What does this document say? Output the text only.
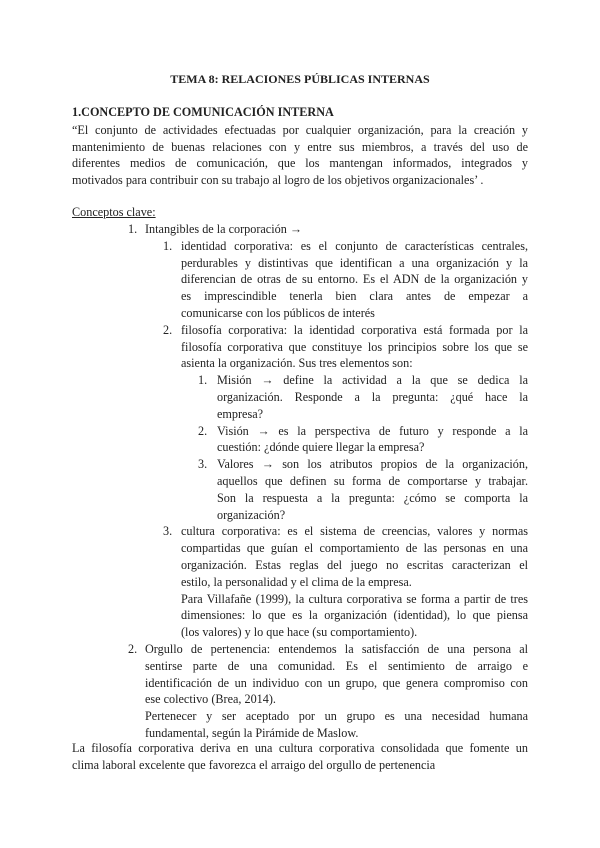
TEMA 8: RELACIONES PÚBLICAS INTERNAS
1.CONCEPTO DE COMUNICACIÓN INTERNA
“El conjunto de actividades efectuadas por cualquier organización, para la creación y
mantenimiento de buenas relaciones con y entre sus miembros, a través del uso de
diferentes medios de comunicación, que los mantengan informados, integrados y
motivados para contribuir con su trabajo al logro de los objetivos organizacionales’ .
Conceptos clave:
1. Intangibles de la corporación →
1. identidad corporativa: es el conjunto de características centrales,
perdurables y distintivas que identifican a una organización y la
diferencian de otras de su entorno. Es el ADN de la organización y
es imprescindible tenerla bien clara antes de empezar a
comunicarse con los públicos de interés
2. filosofía corporativa: la identidad corporativa está formada por la
filosofía corporativa que constituye los principios sobre los que se
asienta la organización. Sus tres elementos son:
1. Misión → define la actividad a la que se dedica la
organización. Responde a la pregunta: ¿qué hace la
empresa?
2. Visión → es la perspectiva de futuro y responde a la
cuestión: ¿dónde quiere llegar la empresa?
3. Valores → son los atributos propios de la organización,
aquellos que definen su forma de comportarse y trabajar.
Son la respuesta a la pregunta: ¿cómo se comporta la
organización?
3. cultura corporativa: es el sistema de creencias, valores y normas
compartidas que guían el comportamiento de las personas en una
organización. Estas reglas del juego no escritas caracterizan el
estilo, la personalidad y el clima de la empresa.
Para Villafañe (1999), la cultura corporativa se forma a partir de tres
dimensiones: lo que es la organización (identidad), lo que piensa
(los valores) y lo que hace (su comportamiento).
2. Orgullo de pertenencia: entendemos la satisfacción de una persona al
sentirse parte de una comunidad. Es el sentimiento de arraigo e
identificación de un individuo con un grupo, que genera compromiso con
ese colectivo (Brea, 2014).
Pertenecer y ser aceptado por un grupo es una necesidad humana
fundamental, según la Pirámide de Maslow.
La filosofía corporativa deriva en una cultura corporativa consolidada que fomente un
clima laboral excelente que favorezca el arraigo del orgullo de pertenencia
